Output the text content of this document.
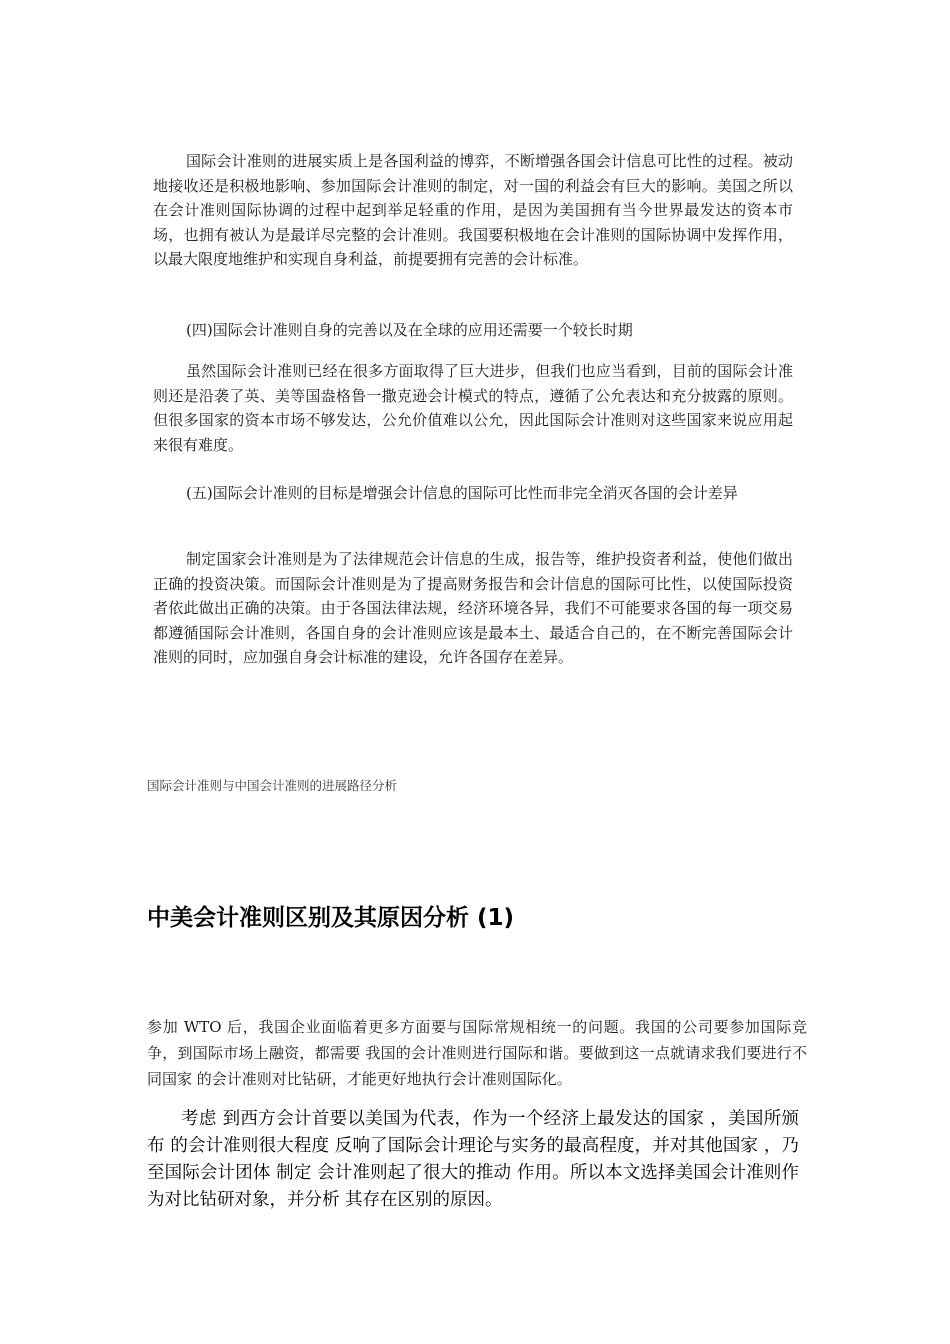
国际会计准则的进展实质上是各国利益的博弈，不断增强各国会计信息可比性的过程。被动地接收还是积极地影响、参加国际会计准则的制定，对一国的利益会有巨大的影响。美国之所以在会计准则国际协调的过程中起到举足轻重的作用，是因为美国拥有当今世界最发达的资本市场，也拥有被认为是最详尽完整的会计准则。我国要积极地在会计准则的国际协调中发挥作用，以最大限度地维护和实现自身利益，前提要拥有完善的会计标准。

(四)国际会计准则自身的完善以及在全球的应用还需要一个较长时期

虽然国际会计准则已经在很多方面取得了巨大进步，但我们也应当看到，目前的国际会计准则还是沿袭了英、美等国盎格鲁一撒克逊会计模式的特点，遵循了公允表达和充分披露的原则。但很多国家的资本市场不够发达，公允价值难以公允，因此国际会计准则对这些国家来说应用起来很有难度。

(五)国际会计准则的目标是增强会计信息的国际可比性而非完全消灭各国的会计差异

制定国家会计准则是为了法律规范会计信息的生成，报告等，维护投资者利益，使他们做出正确的投资决策。而国际会计准则是为了提高财务报告和会计信息的国际可比性，以使国际投资者依此做出正确的决策。由于各国法律法规，经济环境各异，我们不可能要求各国的每一项交易都遵循国际会计准则，各国自身的会计准则应该是最本土、最适合自己的，在不断完善国际会计准则的同时，应加强自身会计标准的建设，允许各国存在差异。

国际会计准则与中国会计准则的进展路径分析

中美会计准则区别及其原因分析 (1)

参加 WTO 后，我国企业面临着更多方面要与国际常规相统一的问题。我国的公司要参加国际竞争，到国际市场上融资，都需要 我国的会计准则进行国际和谐。要做到这一点就请求我们要进行不同国家 的会计准则对比钻研，才能更好地执行会计准则国际化。

考虑 到西方会计首要以美国为代表，作为一个经济上最发达的国家 ，美国所颁布 的会计准则很大程度 反响了国际会计理论与实务的最高程度，并对其他国家 ，乃至国际会计团体 制定 会计准则起了很大的推动 作用。所以本文选择美国会计准则作为对比钻研对象，并分析 其存在区别的原因。
